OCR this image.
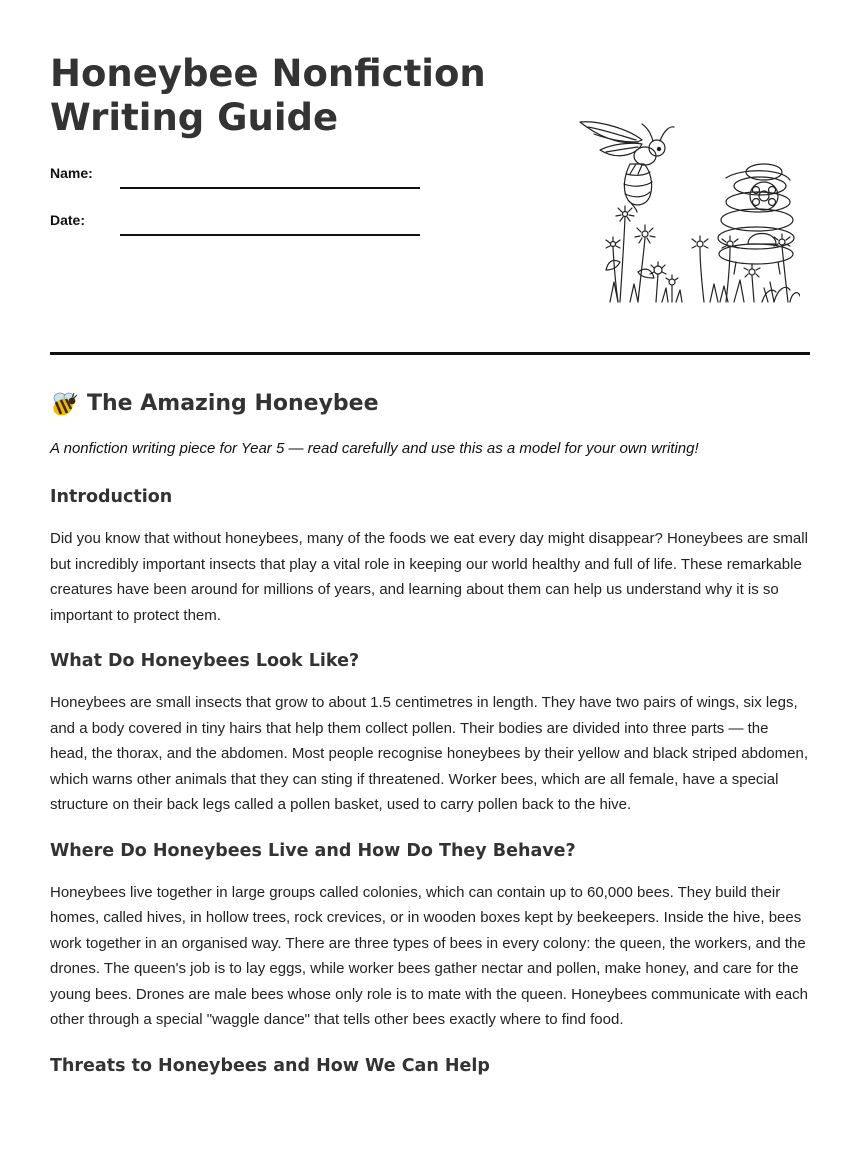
Honeybee Nonfiction
Writing Guide
Name:
Date:
The Amazing Honeybee

A nonfiction writing piece for Year 5 — read carefully and use this as a model for your own writing!

Introduction

Did you know that without honeybees, many of the foods we eat every day might disappear? Honeybees are small but incredibly important insects that play a vital role in keeping our world healthy and full of life. These remarkable creatures have been around for millions of years, and learning about them can help us understand why it is so important to protect them.

What Do Honeybees Look Like?

Honeybees are small insects that grow to about 1.5 centimetres in length. They have two pairs of wings, six legs, and a body covered in tiny hairs that help them collect pollen. Their bodies are divided into three parts — the head, the thorax, and the abdomen. Most people recognise honeybees by their yellow and black striped abdomen, which warns other animals that they can sting if threatened. Worker bees, which are all female, have a special structure on their back legs called a pollen basket, used to carry pollen back to the hive.

Where Do Honeybees Live and How Do They Behave?

Honeybees live together in large groups called colonies, which can contain up to 60,000 bees. They build their homes, called hives, in hollow trees, rock crevices, or in wooden boxes kept by beekeepers. Inside the hive, bees work together in an organised way. There are three types of bees in every colony: the queen, the workers, and the drones. The queen's job is to lay eggs, while worker bees gather nectar and pollen, make honey, and care for the young bees. Drones are male bees whose only role is to mate with the queen. Honeybees communicate with each other through a special "waggle dance" that tells other bees exactly where to find food.

Threats to Honeybees and How We Can Help
